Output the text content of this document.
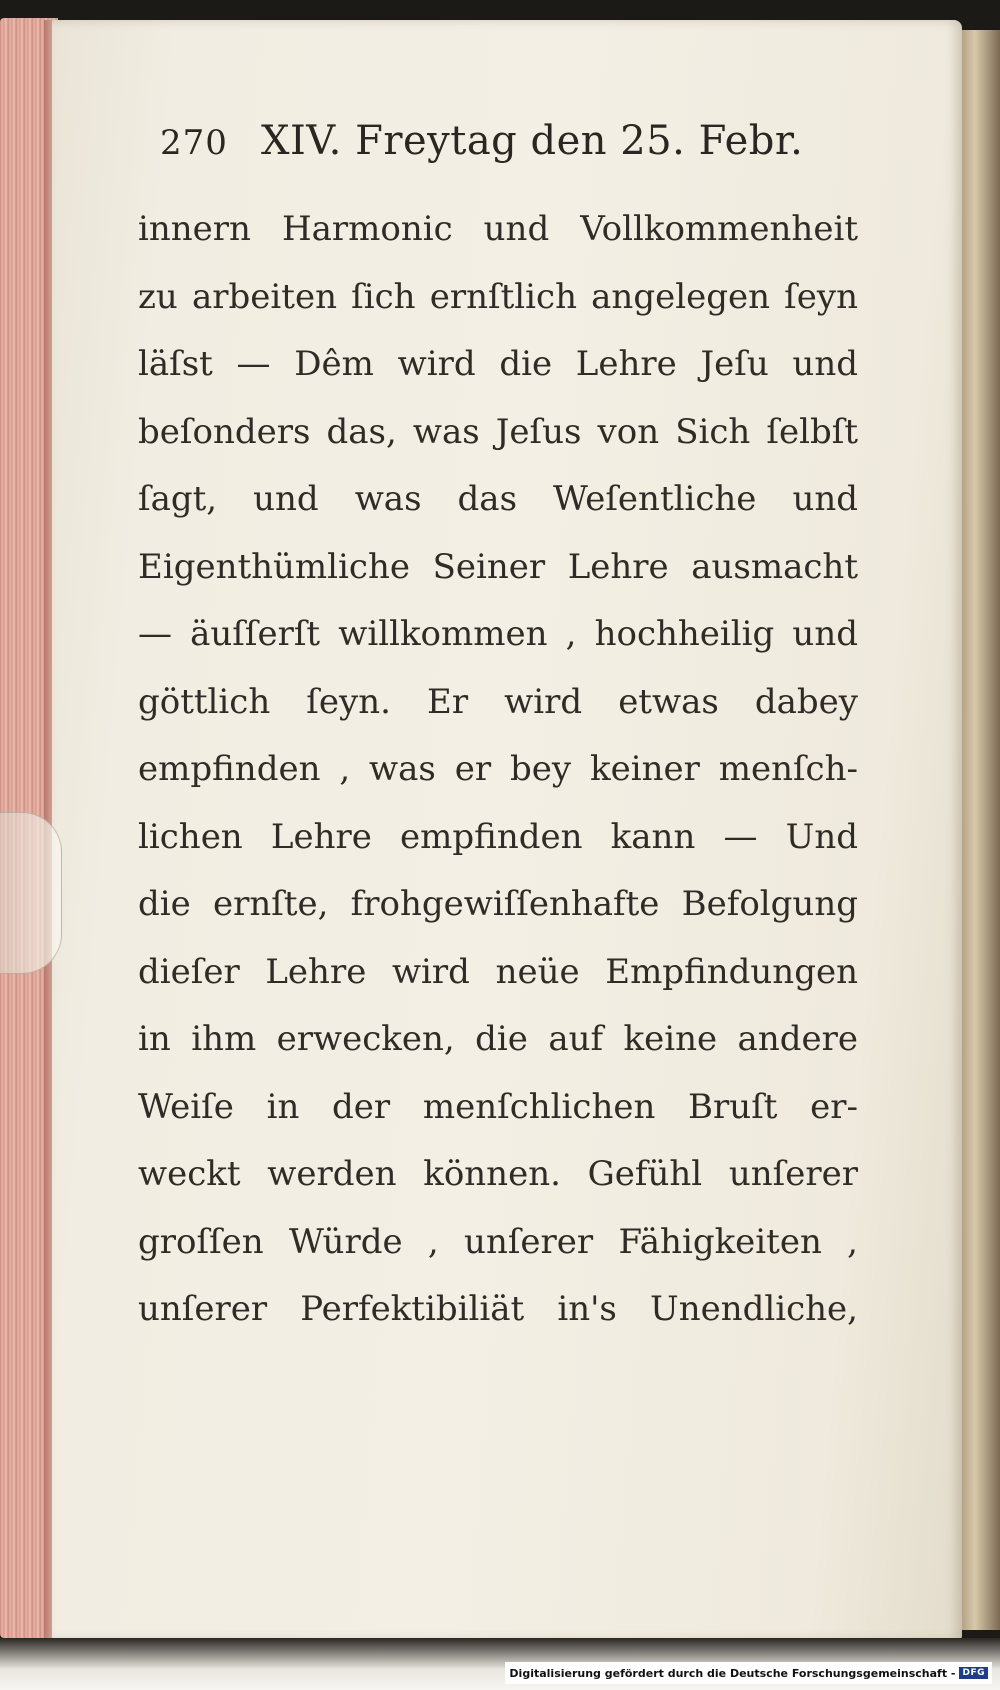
270 XIV. Freytag den 25. Febr.
innern Harmonic und Vollkommenheit
zu arbeiten ſich ernſtlich angelegen ſeyn
läſst — Dêm wird die Lehre Jeſu und
beſonders das, was Jeſus von Sich ſelbſt
ſagt, und was das Weſentliche und
Eigenthümliche Seiner Lehre ausmacht
— äuſſerſt willkommen , hochheilig und
göttlich ſeyn. Er wird etwas dabey
empfinden , was er bey keiner menſch-
lichen Lehre empfinden kann — Und
die ernſte, frohgewiſſenhafte Befolgung
dieſer Lehre wird neüe Empfindungen
in ihm erwecken, die auf keine andere
Weiſe in der menſchlichen Bruſt er-
weckt werden können. Gefühl unſerer
groſſen Würde , unſerer Fähigkeiten ,
unſerer Perfektibiliät in's Unendliche,
Digitalisierung gefördert durch die Deutsche Forschungsgemeinschaft - DFG
